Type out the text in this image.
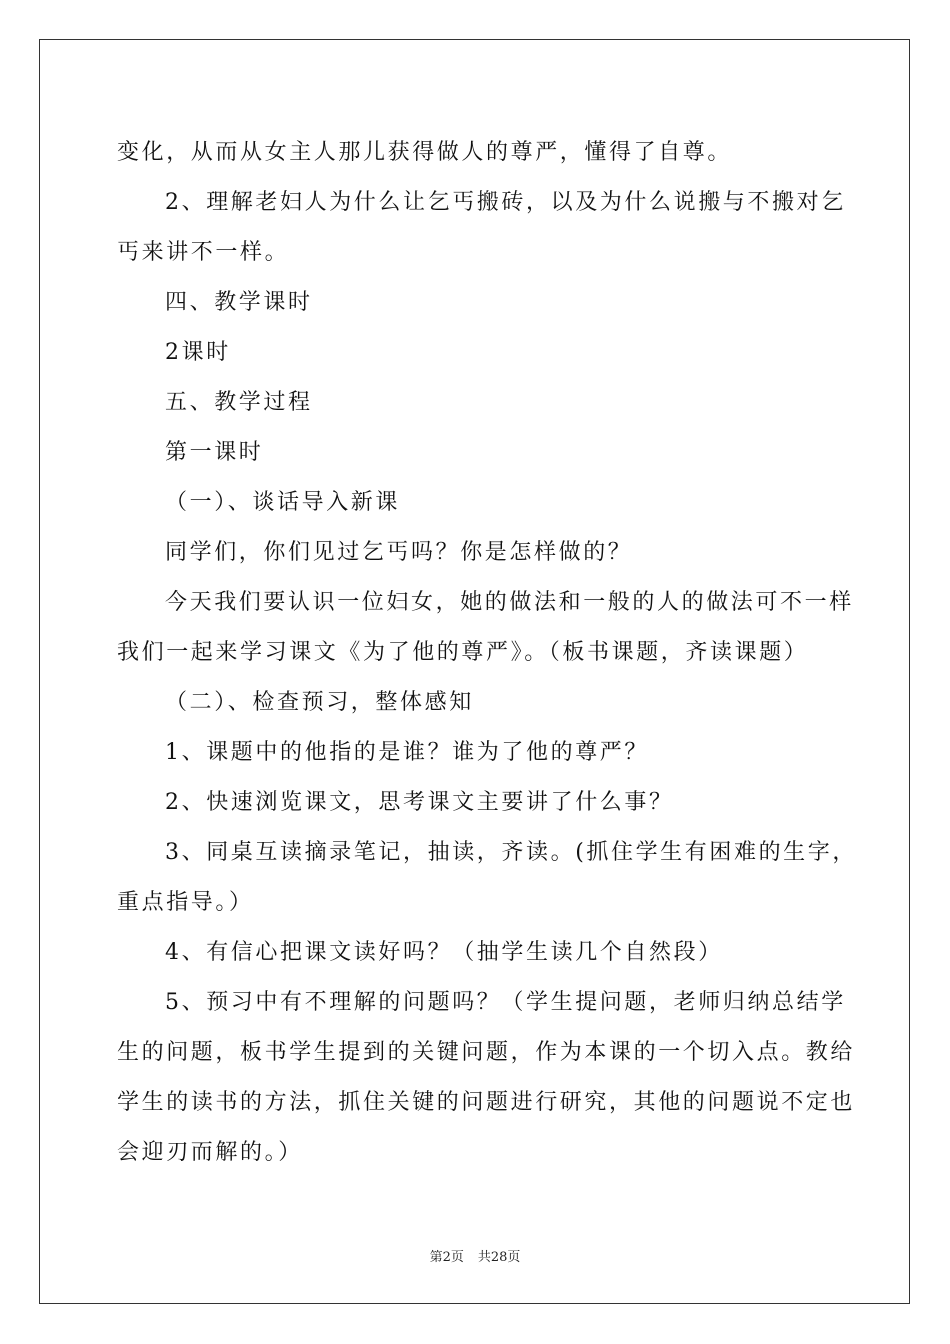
变化，从而从女主人那儿获得做人的尊严，懂得了自尊。

2、理解老妇人为什么让乞丐搬砖，以及为什么说搬与不搬对乞

丐来讲不一样。

四、教学课时

2课时

五、教学过程

第一课时

（一）、谈话导入新课

同学们，你们见过乞丐吗？你是怎样做的？

今天我们要认识一位妇女，她的做法和一般的人的做法可不一样

我们一起来学习课文《为了他的尊严》。（板书课题，齐读课题）

（二）、检查预习，整体感知

1、课题中的他指的是谁？谁为了他的尊严？

2、快速浏览课文，思考课文主要讲了什么事？

3、同桌互读摘录笔记，抽读，齐读。(抓住学生有困难的生字，

重点指导。）

4、有信心把课文读好吗？（抽学生读几个自然段）

5、预习中有不理解的问题吗？（学生提问题，老师归纳总结学

生的问题，板书学生提到的关键问题，作为本课的一个切入点。教给

学生的读书的方法，抓住关键的问题进行研究，其他的问题说不定也

会迎刃而解的。）

第2页 共28页
